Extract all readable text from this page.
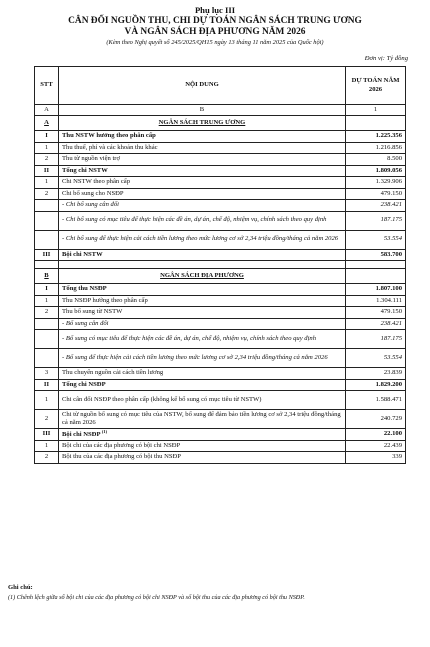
Phụ lục III
CÂN ĐỐI NGUỒN THU, CHI DỰ TOÁN NGÂN SÁCH TRUNG ƯƠNG
VÀ NGÂN SÁCH ĐỊA PHƯƠNG NĂM 2026
(Kèm theo Nghị quyết số 245/2025/QH15 ngày 13 tháng 11 năm 2025 của Quốc hội)
Đơn vị: Tỷ đồng
STT	NỘI DUNG	DỰ TOÁN NĂM 2026
A	B	1
A	NGÂN SÁCH TRUNG ƯƠNG	
I	Thu NSTW hưởng theo phân cấp	1.225.356
1	Thu thuế, phí và các khoản thu khác	1.216.856
2	Thu từ nguồn viện trợ	8.500
II	Tổng chi NSTW	1.809.056
1	Chi NSTW theo phân cấp	1.329.906
2	Chi bổ sung cho NSĐP	479.150
	- Chi bổ sung cân đối	238.421
	- Chi bổ sung có mục tiêu để thực hiện các đề án, dự án, chế độ, nhiệm vụ, chính sách theo quy định	187.175
	- Chi bổ sung để thực hiện cải cách tiền lương theo mức lương cơ sở 2,34 triệu đồng/tháng cả năm 2026	53.554
III	Bội chi NSTW	583.700

B	NGÂN SÁCH ĐỊA PHƯƠNG	
I	Tổng thu NSĐP	1.807.100
1	Thu NSĐP hưởng theo phân cấp	1.304.111
2	Thu bổ sung từ NSTW	479.150
	- Bổ sung cân đối	238.421
	- Bổ sung có mục tiêu để thực hiện các đề án, dự án, chế độ, nhiệm vụ, chính sách theo quy định	187.175
	- Bổ sung để thực hiện cải cách tiền lương theo mức lương cơ sở 2,34 triệu đồng/tháng cả năm 2026	53.554
3	Thu chuyển nguồn cải cách tiền lương	23.839
II	Tổng chi NSĐP	1.829.200
1	Chi cân đối NSĐP theo phân cấp (không kể bổ sung có mục tiêu từ NSTW)	1.588.471
2	Chi từ nguồn bổ sung có mục tiêu của NSTW, bổ sung để đảm bảo tiền lương cơ sở 2,34 triệu đồng/tháng cả năm 2026	240.729
III	Bội chi NSĐP $^{(1)}$	22.100
1	Bội chi của các địa phương có bội chi NSĐP	22.439
2	Bội thu của các địa phương có bội thu NSĐP	339
Ghi chú:
(1) Chênh lệch giữa số bội chi của các địa phương có bội chi NSĐP và số bội thu của các địa phương có bội thu NSĐP.
